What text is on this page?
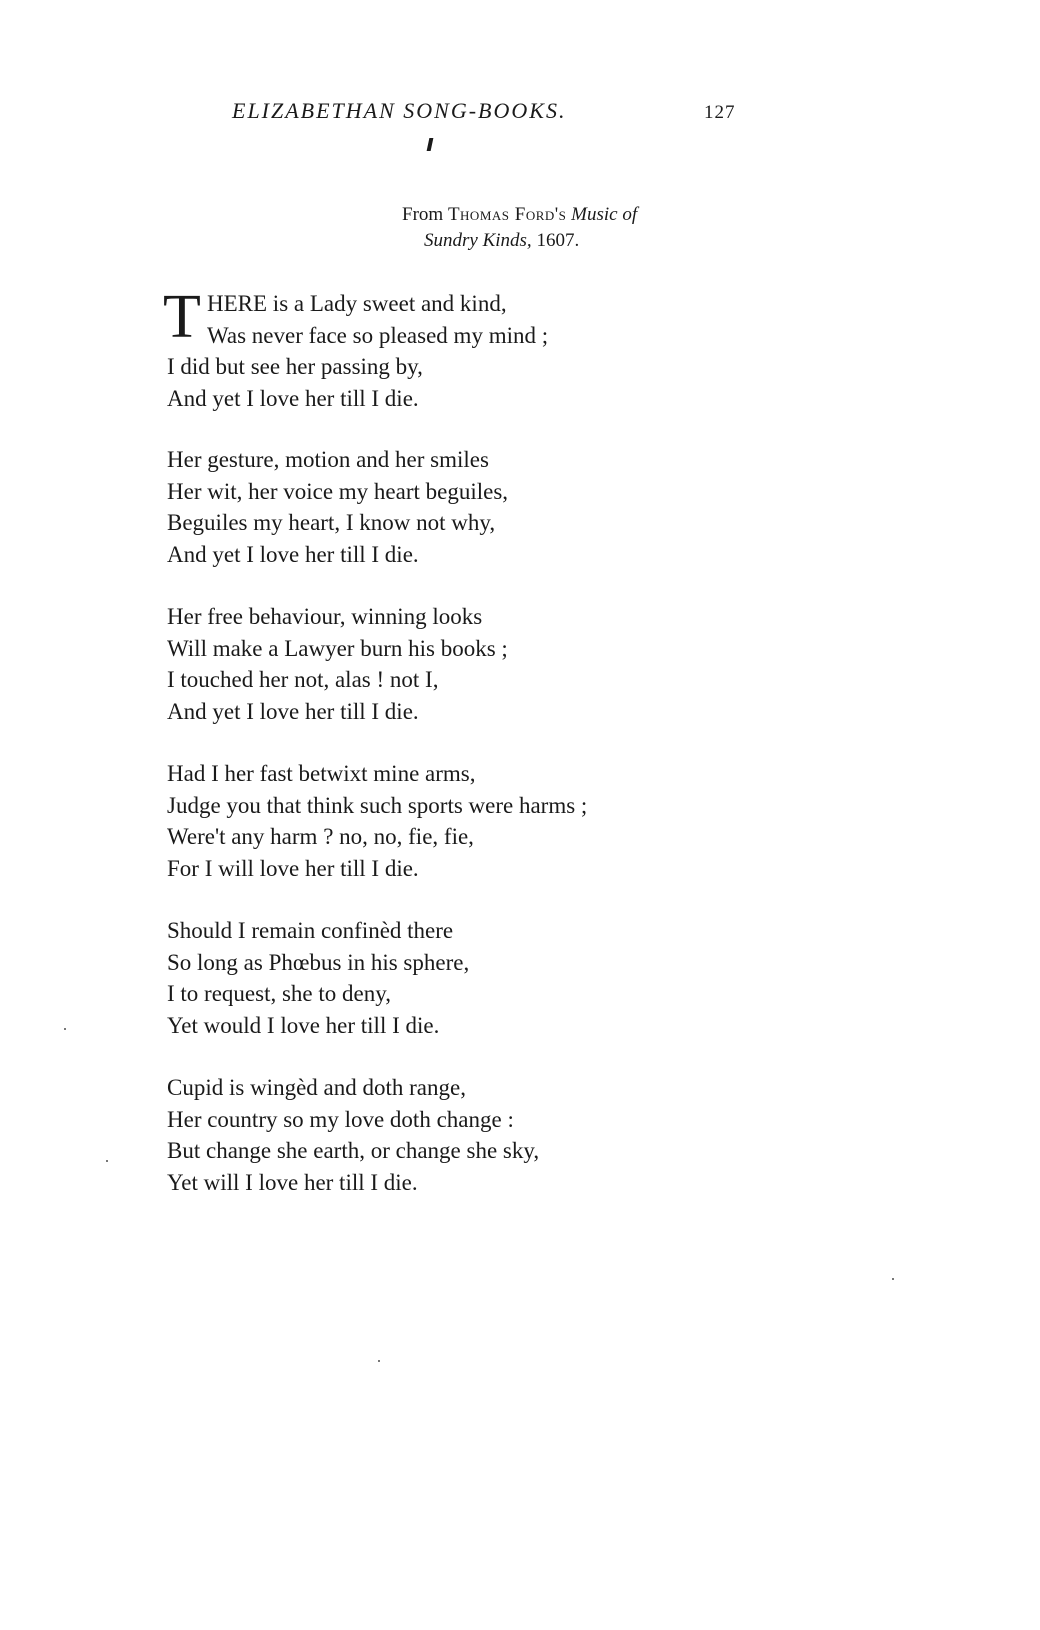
ELIZABETHAN SONG-BOOKS.	127
From Thomas Ford's Music of
Sundry Kinds, 1607.
T HERE is a Lady sweet and kind,
Was never face so pleased my mind ;
I did but see her passing by,
And yet I love her till I die.
Her gesture, motion and her smiles
Her wit, her voice my heart beguiles,
Beguiles my heart, I know not why,
And yet I love her till I die.
Her free behaviour, winning looks
Will make a Lawyer burn his books ;
I touched her not, alas ! not I,
And yet I love her till I die.
Had I her fast betwixt mine arms,
Judge you that think such sports were harms ;
Were't any harm ? no, no, fie, fie,
For I will love her till I die.
Should I remain confinèd there
So long as Phœbus in his sphere,
I to request, she to deny,
Yet would I love her till I die.
Cupid is wingèd and doth range,
Her country so my love doth change :
But change she earth, or change she sky,
Yet will I love her till I die.
